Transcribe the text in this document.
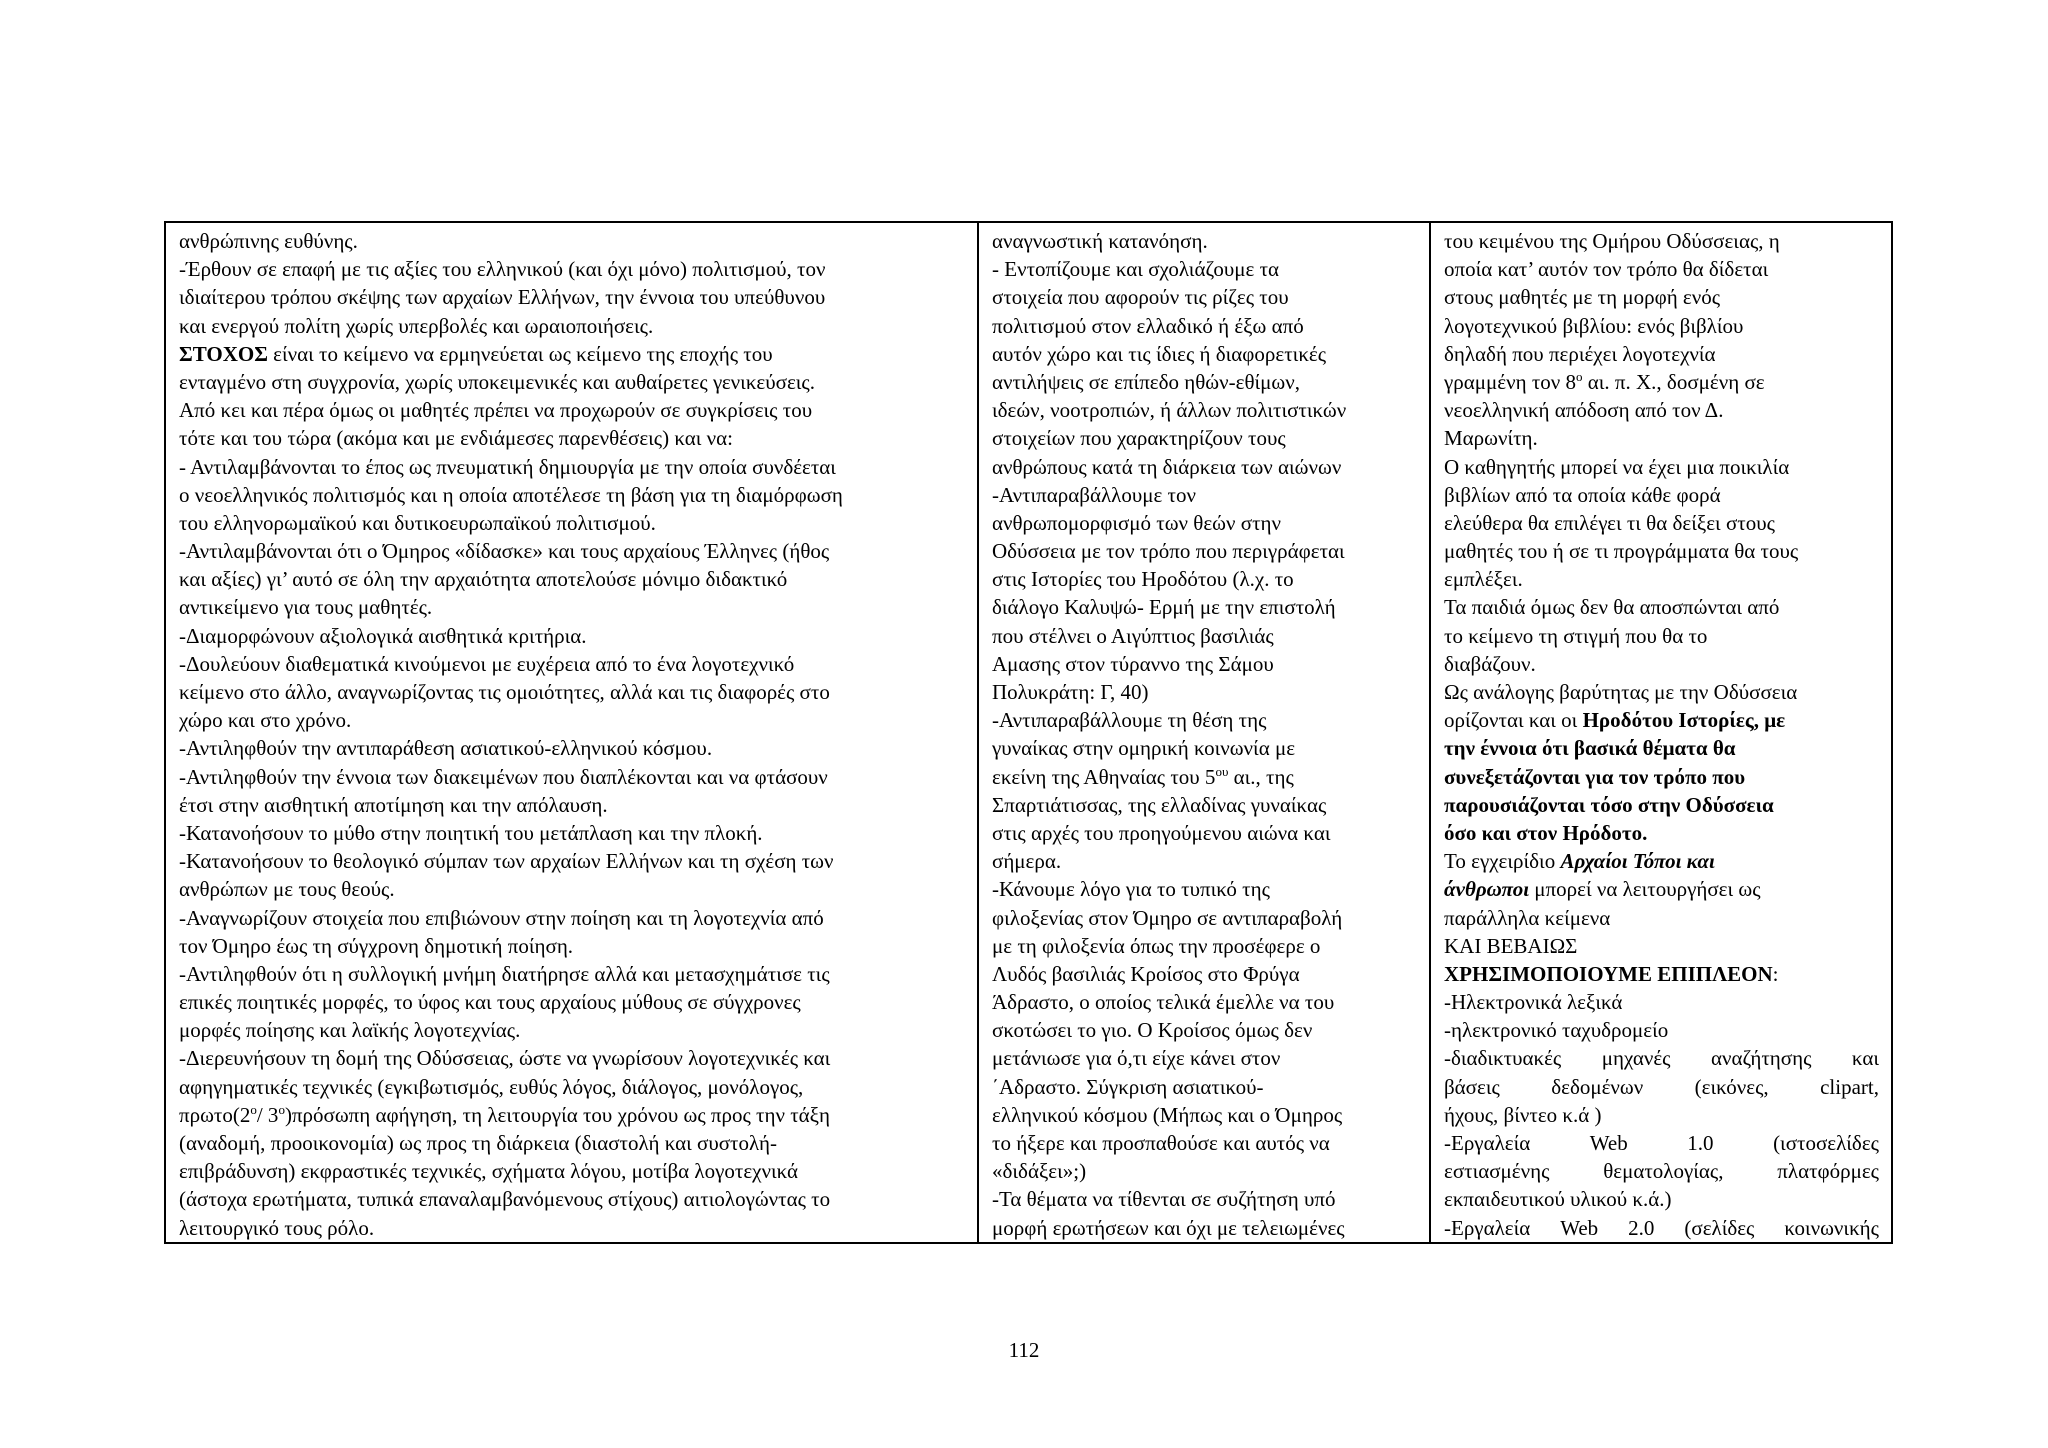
ανθρώπινης ευθύνης.
-Έρθουν σε επαφή με τις αξίες του ελληνικού (και όχι μόνο) πολιτισμού, τον
ιδιαίτερου τρόπου σκέψης των αρχαίων Ελλήνων, την έννοια του υπεύθυνου
και ενεργού πολίτη χωρίς υπερβολές και ωραιοποιήσεις.
ΣΤΟΧΟΣ είναι το κείμενο να ερμηνεύεται ως κείμενο της εποχής του
ενταγμένο στη συγχρονία, χωρίς υποκειμενικές και αυθαίρετες γενικεύσεις.
Από κει και πέρα όμως οι μαθητές πρέπει να προχωρούν σε συγκρίσεις του
τότε και του τώρα (ακόμα και με ενδιάμεσες παρενθέσεις) και να:
- Αντιλαμβάνονται το έπος ως πνευματική δημιουργία με την οποία συνδέεται
ο νεοελληνικός πολιτισμός και η οποία αποτέλεσε τη βάση για τη διαμόρφωση
του ελληνορωμαϊκού και δυτικοευρωπαϊκού πολιτισμού.
-Αντιλαμβάνονται ότι ο Όμηρος «δίδασκε» και τους αρχαίους Έλληνες (ήθος
και αξίες) γι’ αυτό σε όλη την αρχαιότητα αποτελούσε μόνιμο διδακτικό
αντικείμενο για τους μαθητές.
-Διαμορφώνουν αξιολογικά αισθητικά κριτήρια.
-Δουλεύουν διαθεματικά κινούμενοι με ευχέρεια από το ένα λογοτεχνικό
κείμενο στο άλλο, αναγνωρίζοντας τις ομοιότητες, αλλά και τις διαφορές στο
χώρο και στο χρόνο.
-Αντιληφθούν την αντιπαράθεση ασιατικού-ελληνικού κόσμου.
-Αντιληφθούν την έννοια των διακειμένων που διαπλέκονται και να φτάσουν
έτσι στην αισθητική αποτίμηση και την απόλαυση.
-Κατανοήσουν το μύθο στην ποιητική του μετάπλαση και την πλοκή.
-Κατανοήσουν το θεολογικό σύμπαν των αρχαίων Ελλήνων και τη σχέση των
ανθρώπων με τους θεούς.
-Αναγνωρίζουν στοιχεία που επιβιώνουν στην ποίηση και τη λογοτεχνία από
τον Όμηρο έως τη σύγχρονη δημοτική ποίηση.
-Αντιληφθούν ότι η συλλογική μνήμη διατήρησε αλλά και μετασχημάτισε τις
επικές ποιητικές μορφές, το ύφος και τους αρχαίους μύθους σε σύγχρονες
μορφές ποίησης και λαϊκής λογοτεχνίας.
-Διερευνήσουν τη δομή της Οδύσσειας, ώστε να γνωρίσουν λογοτεχνικές και
αφηγηματικές τεχνικές (εγκιβωτισμός, ευθύς λόγος, διάλογος, μονόλογος,
$\pi\rho\omega\tau o(2^o/$ $3^o)\pi\rho ό\sigma\omega\pi\eta$ αφήγηση, τη λειτουργία του χρόνου ως προς την τάξη
(αναδομή, προοικονομία) ως προς τη διάρκεια (διαστολή και συστολή-
επιβράδυνση) εκφραστικές τεχνικές, σχήματα λόγου, μοτίβα λογοτεχνικά
(άστοχα ερωτήματα, τυπικά επαναλαμβανόμενους στίχους) αιτιολογώντας το
λειτουργικό τους ρόλο.

αναγνωστική κατανόηση.
- Εντοπίζουμε και σχολιάζουμε τα
στοιχεία που αφορούν τις ρίζες του
πολιτισμού στον ελλαδικό ή έξω από
αυτόν χώρο και τις ίδιες ή διαφορετικές
αντιλήψεις σε επίπεδο ηθών-εθίμων,
ιδεών, νοοτροπιών, ή άλλων πολιτιστικών
στοιχείων που χαρακτηρίζουν τους
ανθρώπους κατά τη διάρκεια των αιώνων
-Αντιπαραβάλλουμε τον
ανθρωπομορφισμό των θεών στην
Οδύσσεια με τον τρόπο που περιγράφεται
στις Ιστορίες του Ηροδότου (λ.χ. το
διάλογο Καλυψώ- Ερμή με την επιστολή
που στέλνει ο Αιγύπτιος βασιλιάς
Αμασης στον τύραννο της Σάμου
Πολυκράτη: Γ, 40)
-Αντιπαραβάλλουμε τη θέση της
γυναίκας στην ομηρική κοινωνία με
εκείνη της Αθηναίας του $5^{o\upsilon}$ αι., της
Σπαρτιάτισσας, της ελλαδίνας γυναίκας
στις αρχές του προηγούμενου αιώνα και
σήμερα.
-Κάνουμε λόγο για το τυπικό της
φιλοξενίας στον Όμηρο σε αντιπαραβολή
με τη φιλοξενία όπως την προσέφερε ο
Λυδός βασιλιάς Κροίσος στο Φρύγα
Άδραστο, ο οποίος τελικά έμελλε να του
σκοτώσει το γιο. Ο Κροίσος όμως δεν
μετάνιωσε για ό,τι είχε κάνει στον
΄Αδραστο. Σύγκριση ασιατικού-
ελληνικού κόσμου (Μήπως και ο Όμηρος
το ήξερε και προσπαθούσε και αυτός να
«διδάξει»;)
-Τα θέματα να τίθενται σε συζήτηση υπό
μορφή ερωτήσεων και όχι με τελειωμένες

του κειμένου της Ομήρου Οδύσσειας, η
οποία κατ’ αυτόν τον τρόπο θα δίδεται
στους μαθητές με τη μορφή ενός
λογοτεχνικού βιβλίου: ενός βιβλίου
δηλαδή που περιέχει λογοτεχνία
γραμμένη τον $8^o$ αι. π. Χ., δοσμένη σε
νεοελληνική απόδοση από τον Δ.
Μαρωνίτη.
Ο καθηγητής μπορεί να έχει μια ποικιλία
βιβλίων από τα οποία κάθε φορά
ελεύθερα θα επιλέγει τι θα δείξει στους
μαθητές του ή σε τι προγράμματα θα τους
εμπλέξει.
Τα παιδιά όμως δεν θα αποσπώνται από
το κείμενο τη στιγμή που θα το
διαβάζουν.
Ως ανάλογης βαρύτητας με την Οδύσσεια
ορίζονται και οι Ηροδότου Ιστορίες, με
την έννοια ότι βασικά θέματα θα
συνεξετάζονται για τον τρόπο που
παρουσιάζονται τόσο στην Οδύσσεια
όσο και στον Ηρόδοτο.
Το εγχειρίδιο Αρχαίοι Τόποι και
άνθρωποι μπορεί να λειτουργήσει ως
παράλληλα κείμενα
ΚΑΙ ΒΕΒΑΙΩΣ
ΧΡΗΣΙΜΟΠΟΙΟΥΜΕ ΕΠΙΠΛΕΟΝ:
-Ηλεκτρονικά λεξικά
-ηλεκτρονικό ταχυδρομείο
-διαδικτυακές μηχανές αναζήτησης και
βάσεις δεδομένων (εικόνες, clipart,
ήχους, βίντεο κ.ά )
-Εργαλεία	Web	1.0	(ιστοσελίδες
εστιασμένης	θεματολογίας,	πλατφόρμες
εκπαιδευτικού υλικού κ.ά.)
-Εργαλεία Web 2.0 (σελίδες κοινωνικής
112
